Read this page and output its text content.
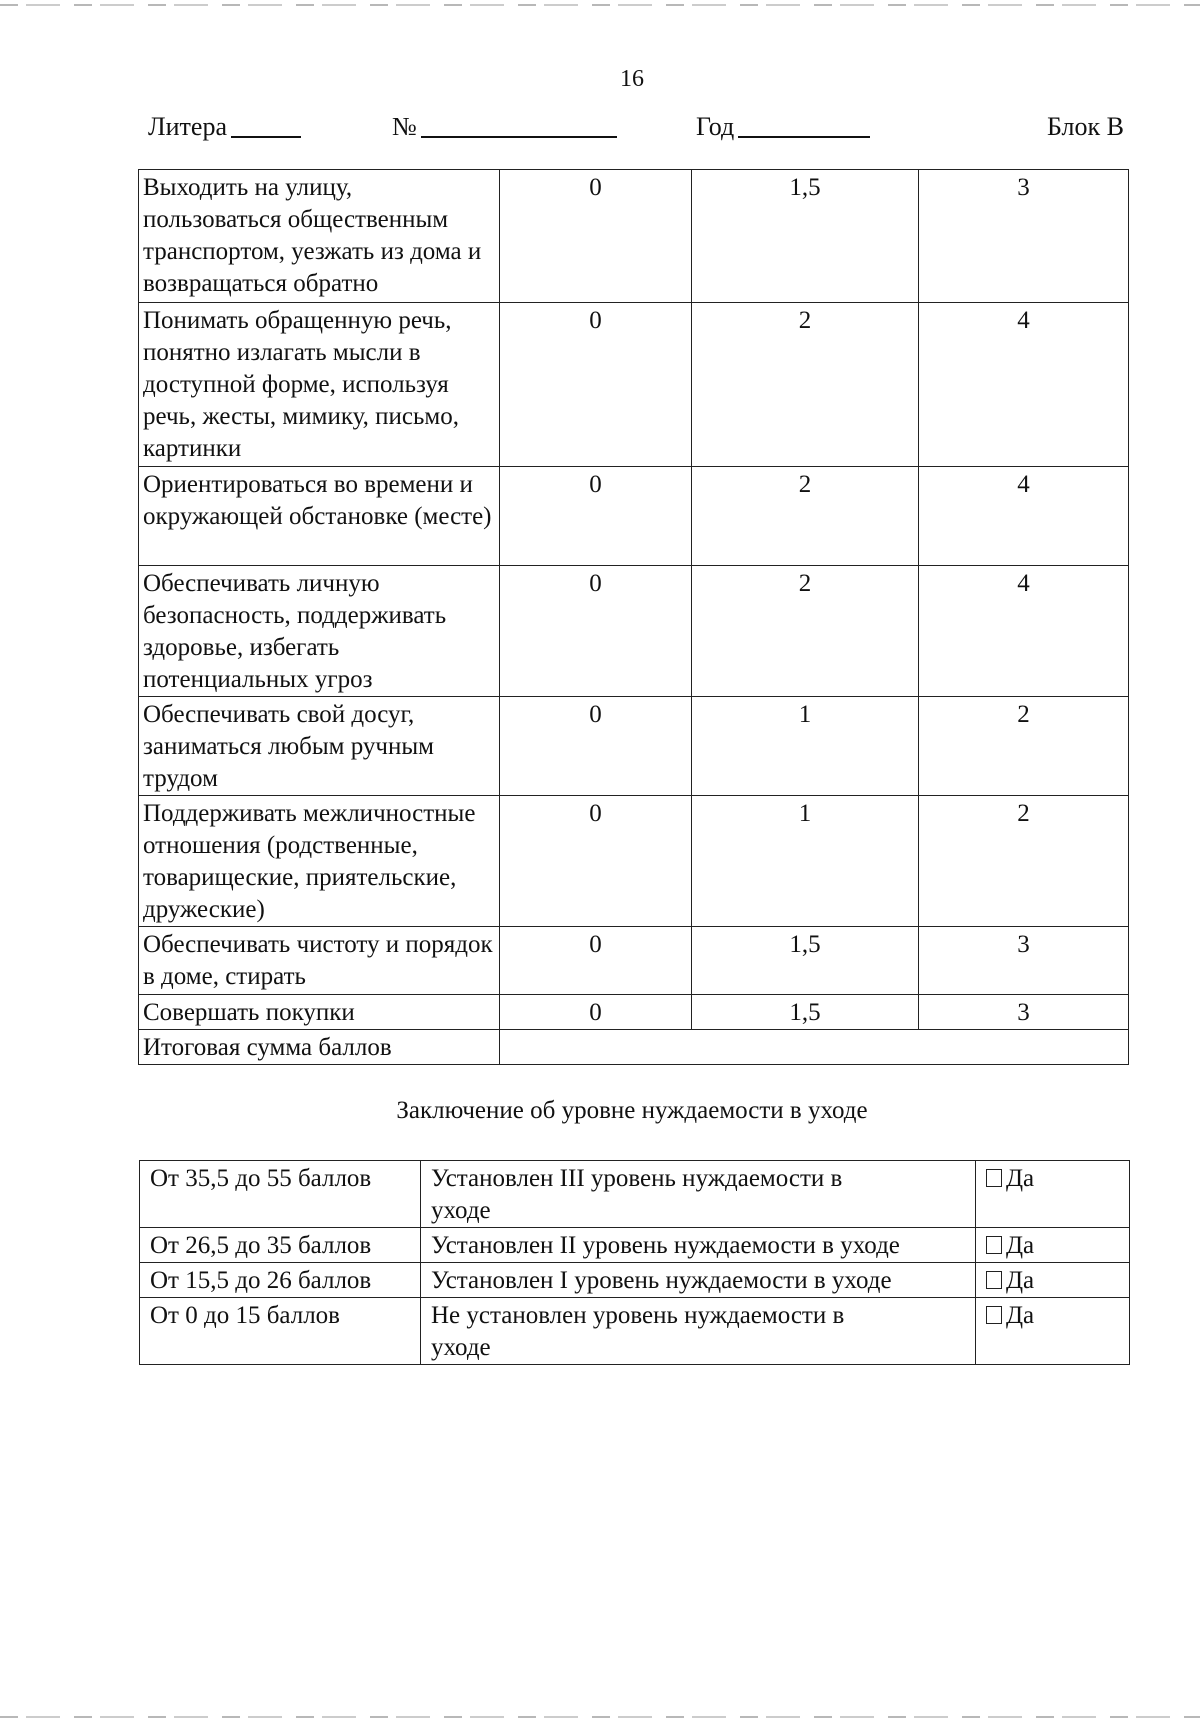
16
Литера	№	Год	Блок В
Выходить на улицу, пользоваться общественным транспортом, уезжать из дома и возвращаться обратно	0	1,5	3
Понимать обращенную речь, понятно излагать мысли в доступной форме, используя речь, жесты, мимику, письмо, картинки	0	2	4
Ориентироваться во времени и окружающей обстановке (месте)	0	2	4
Обеспечивать личную безопасность, поддерживать здоровье, избегать потенциальных угроз	0	2	4
Обеспечивать свой досуг, заниматься любым ручным трудом	0	1	2
Поддерживать межличностные отношения (родственные, товарищеские, приятельские, дружеские)	0	1	2
Обеспечивать чистоту и порядок в доме, стирать	0	1,5	3
Совершать покупки	0	1,5	3
Итоговая сумма баллов			
Заключение об уровне нуждаемости в уходе
От 35,5 до 55 баллов	Установлен III уровень нуждаемости в уходе	Да
От 26,5 до 35 баллов	Установлен II уровень нуждаемости в уходе	Да
От 15,5 до 26 баллов	Установлен I уровень нуждаемости в уходе	Да
От 0 до 15 баллов	Не установлен уровень нуждаемости в уходе	Да
